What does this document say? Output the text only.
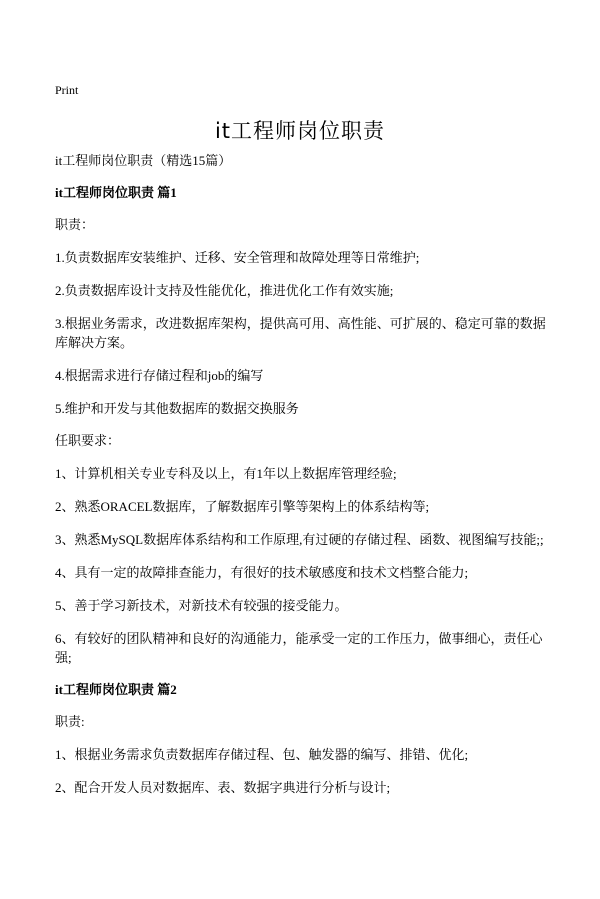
Print
it工程师岗位职责
it工程师岗位职责（精选15篇）
it工程师岗位职责 篇1
职责：
1.负责数据库安装维护、迁移、安全管理和故障处理等日常维护;
2.负责数据库设计支持及性能优化，推进优化工作有效实施;
3.根据业务需求，改进数据库架构，提供高可用、高性能、可扩展的、稳定可靠的数据库解决方案。
4.根据需求进行存储过程和job的编写
5.维护和开发与其他数据库的数据交换服务
任职要求：
1、计算机相关专业专科及以上，有1年以上数据库管理经验;
2、熟悉ORACEL数据库，了解数据库引擎等架构上的体系结构等;
3、熟悉MySQL数据库体系结构和工作原理,有过硬的存储过程、函数、视图编写技能;;
4、具有一定的故障排查能力，有很好的技术敏感度和技术文档整合能力;
5、善于学习新技术，对新技术有较强的接受能力。
6、有较好的团队精神和良好的沟通能力，能承受一定的工作压力，做事细心，责任心强;
it工程师岗位职责 篇2
职责:
1、根据业务需求负责数据库存储过程、包、触发器的编写、排错、优化;
2、配合开发人员对数据库、表、数据字典进行分析与设计;
